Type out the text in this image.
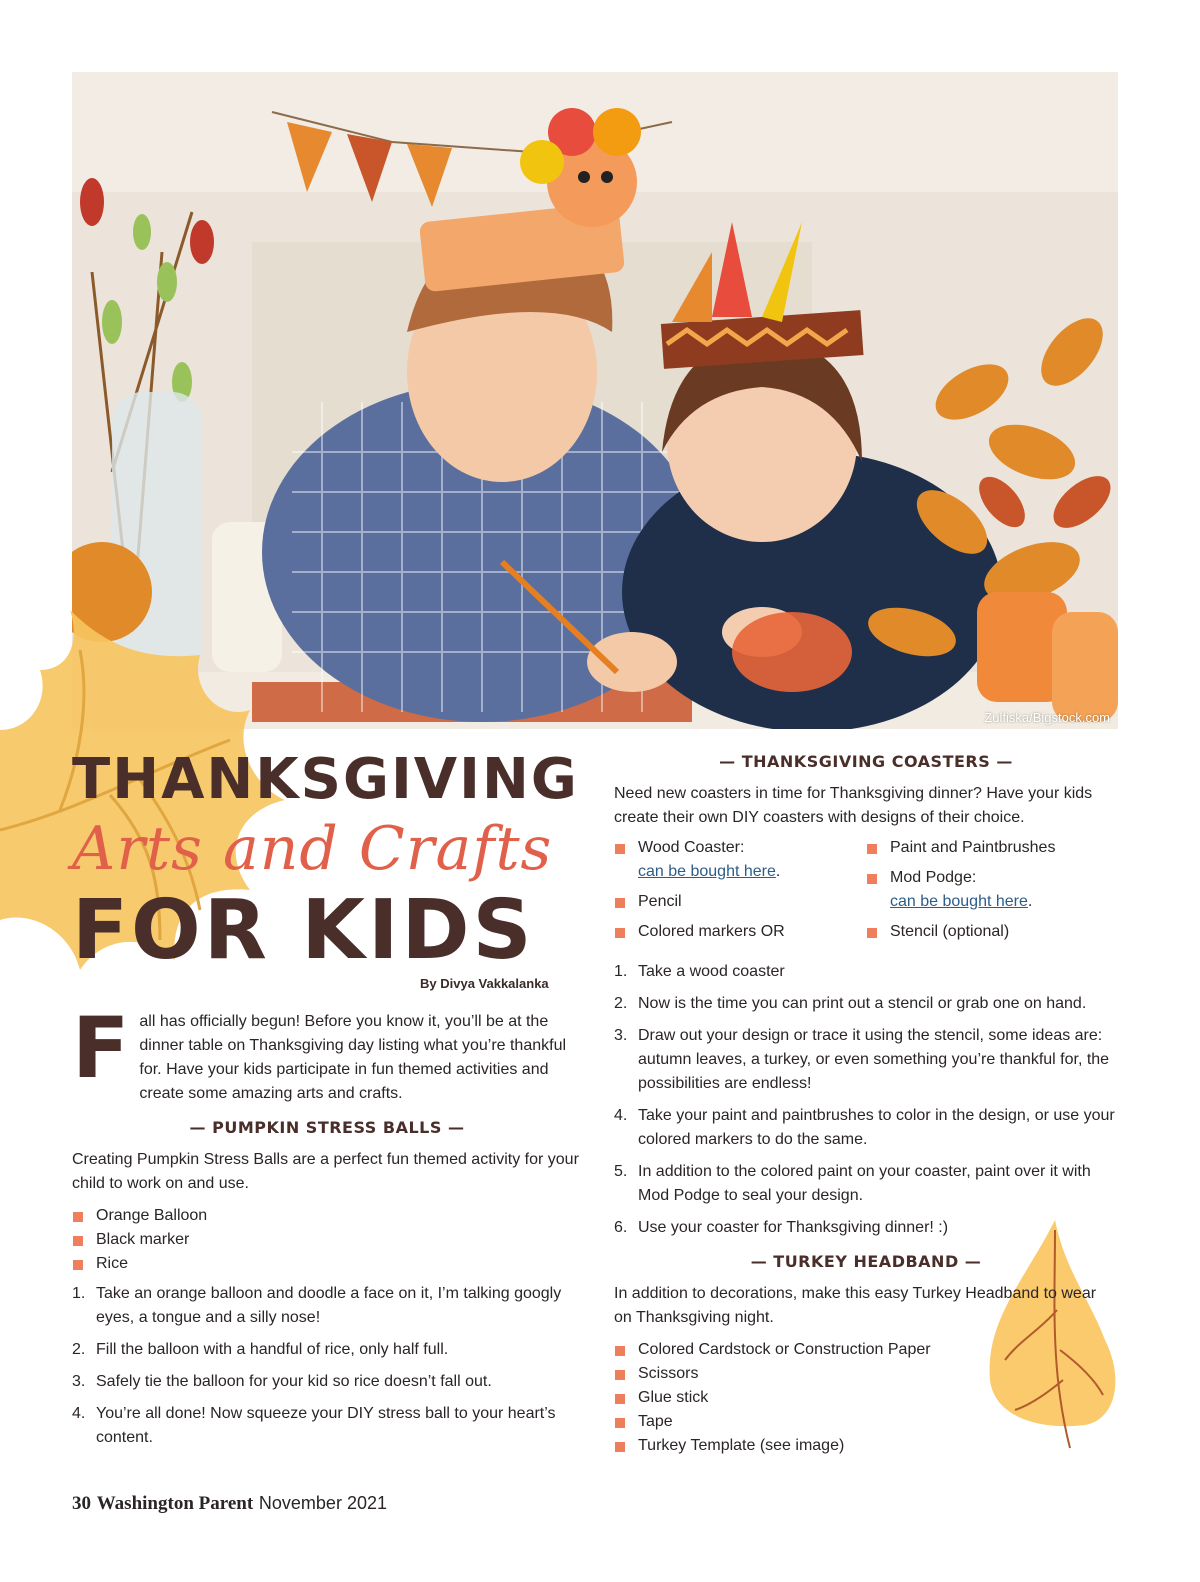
Zulfiska/Bigstock.com
THANKSGIVING
Arts and Crafts
FOR KIDS
By Divya Vakkalanka

Fall has officially begun! Before you know it, you’ll be at the dinner table on Thanksgiving day listing what you’re thankful for. Have your kids participate in fun themed activities and create some amazing arts and crafts.

— PUMPKIN STRESS BALLS —

Creating Pumpkin Stress Balls are a perfect fun themed activity for your child to work on and use.

Orange Balloon
Black marker
Rice
1. Take an orange balloon and doodle a face on it, I’m talking googly eyes, a tongue and a silly nose!
2. Fill the balloon with a handful of rice, only half full.
3. Safely tie the balloon for your kid so rice doesn’t fall out.
4. You’re all done! Now squeeze your DIY stress ball to your heart’s content.
— THANKSGIVING COASTERS —

Need new coasters in time for Thanksgiving dinner? Have your kids create their own DIY coasters with designs of their choice.

Wood Coaster:
can be bought here.
Pencil
Colored markers OR
Paint and Paintbrushes
Mod Podge:
can be bought here.
Stencil (optional)
1. Take a wood coaster
2. Now is the time you can print out a stencil or grab one on hand.
3. Draw out your design or trace it using the stencil, some ideas are: autumn leaves, a turkey, or even something you’re thankful for, the possibilities are endless!
4. Take your paint and paintbrushes to color in the design, or use your colored markers to do the same.
5. In addition to the colored paint on your coaster, paint over it with Mod Podge to seal your design.
6. Use your coaster for Thanksgiving dinner! :)
— TURKEY HEADBAND —

In addition to decorations, make this easy Turkey Headband to wear on Thanksgiving night.

Colored Cardstock or Construction Paper
Scissors
Glue stick
Tape
Turkey Template (see image)
30 Washington Parent November 2021
